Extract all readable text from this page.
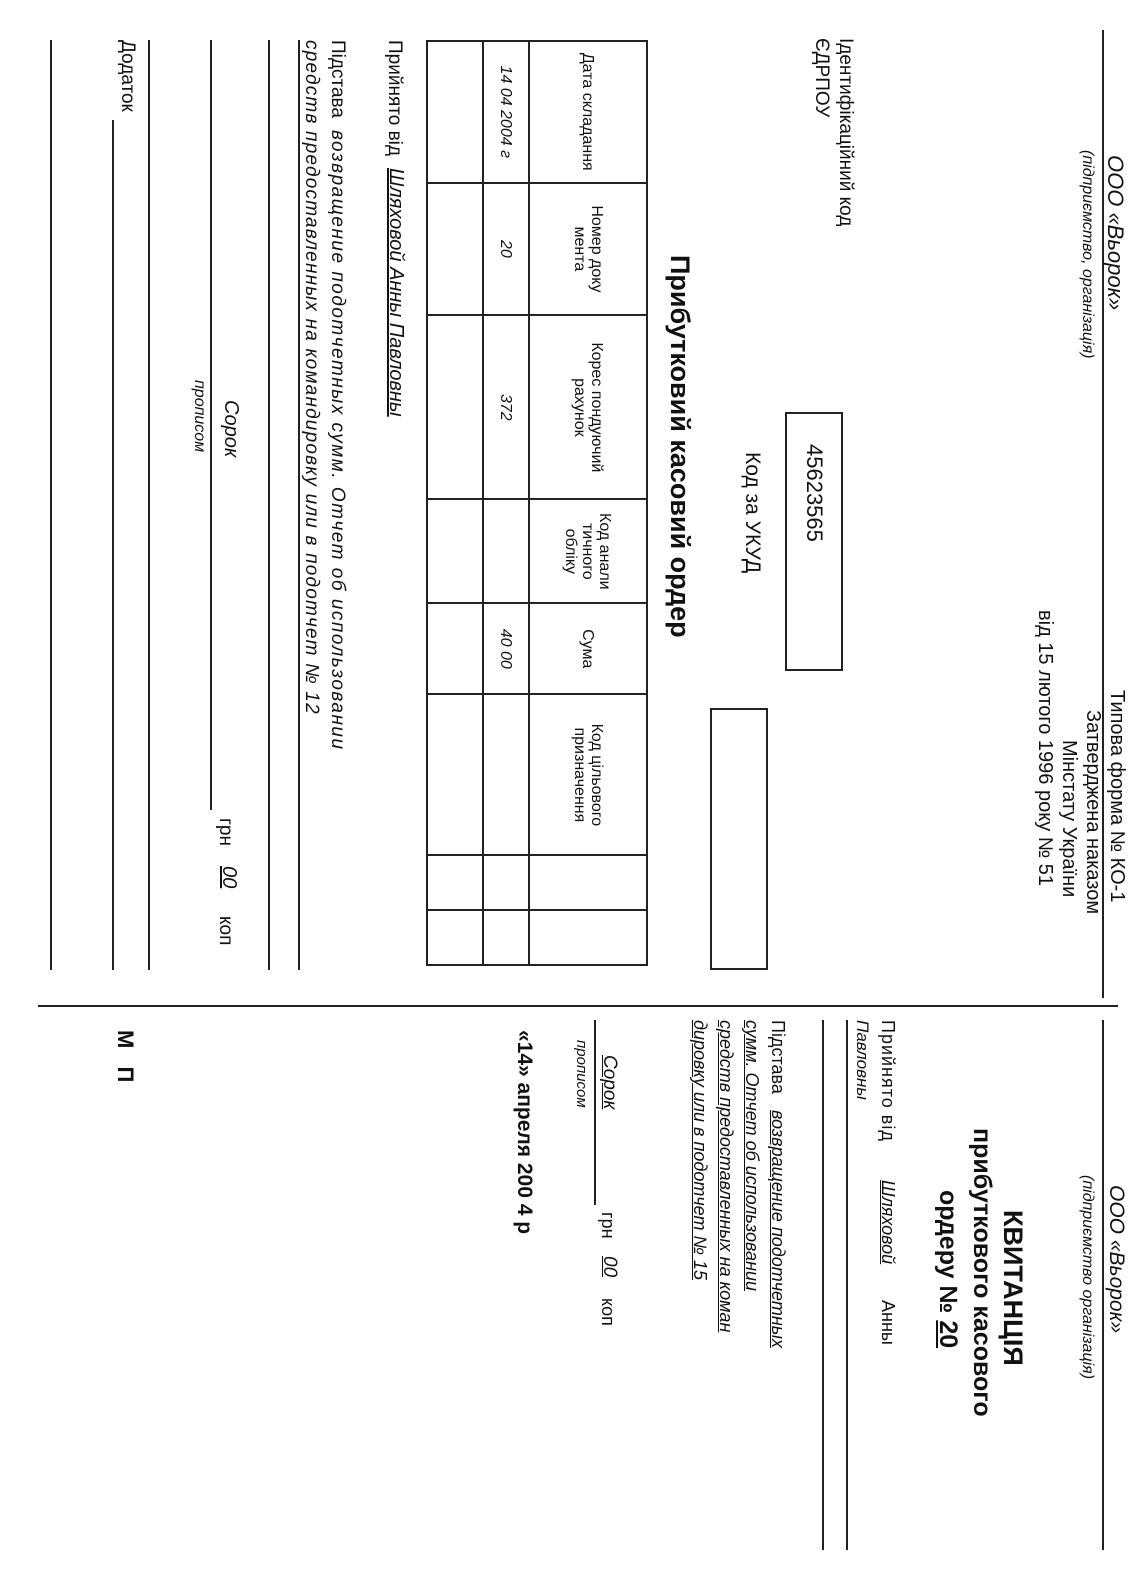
ООО «Вьорок»
(підприємство, організація)
Типова форма № КО-1
Затверджена наказом
Мiнстату України
вiд 15 лютого 1996 року № 51
Iдентифiкацiйний код
ЄДРПОУ
45623565
Код за УКУД
Прибутковий касовий ордер
Дата складання	Номер доку мента	Корес пондуючий рахунок	Код анали тичного облiку	Сума	Код цiльового призначення		
14 04 2004 г	20	372		40 00			

Прийнято вiд
Шляховой Анны Павловны
Пiдстава
возвращение подотчетных сумм. Отчет об использовании
средств предоставленных на командировку или в подотчет № 12
Сорок
прописом
грн
00
коп
Додаток
ООО «Вьорок»
(пiдприємство органiзацiя)
КВИТАНЦIЯ
прибуткового касового
ордеру № 20
Прийнято вiд
Шляховой
Анны
Павловны
Пiдстава
возвращение подотчетных
сумм. Отчет об использовании
средств предоставленных на коман
дировку или в подотчет № 15
Сорок
прописом
грн
00
коп
«14» апреля 200 4 р
М П
